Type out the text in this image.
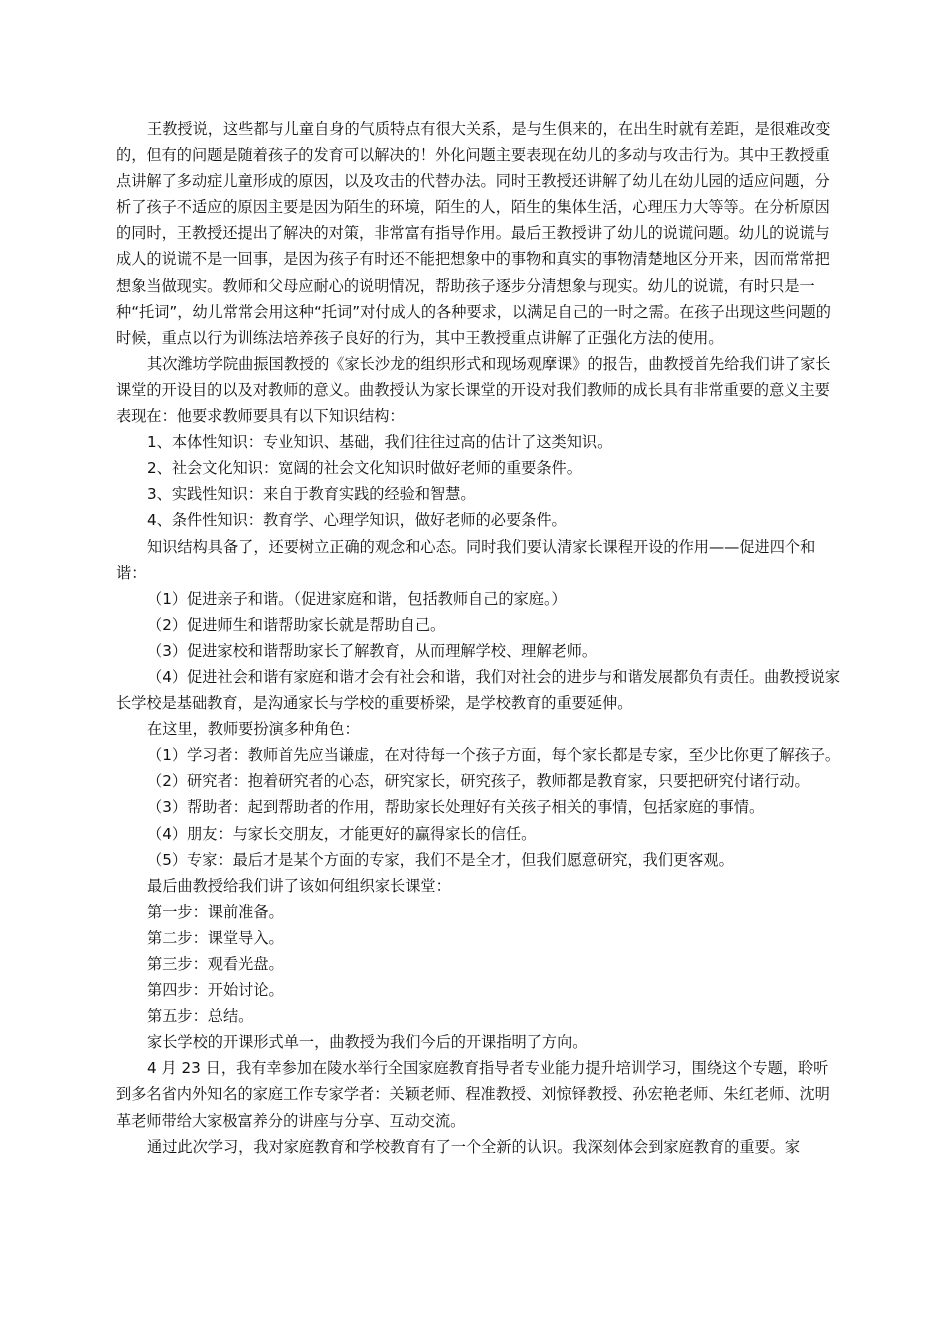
王教授说，这些都与儿童自身的气质特点有很大关系，是与生俱来的，在出生时就有差距，是很难改变的，但有的问题是随着孩子的发育可以解决的！外化问题主要表现在幼儿的多动与攻击行为。其中王教授重点讲解了多动症儿童形成的原因，以及攻击的代替办法。同时王教授还讲解了幼儿在幼儿园的适应问题，分析了孩子不适应的原因主要是因为陌生的环境，陌生的人，陌生的集体生活，心理压力大等等。在分析原因的同时，王教授还提出了解决的对策，非常富有指导作用。最后王教授讲了幼儿的说谎问题。幼儿的说谎与成人的说谎不是一回事，是因为孩子有时还不能把想象中的事物和真实的事物清楚地区分开来，因而常常把想象当做现实。教师和父母应耐心的说明情况，帮助孩子逐步分清想象与现实。幼儿的说谎，有时只是一种“托词”，幼儿常常会用这种“托词”对付成人的各种要求，以满足自己的一时之需。在孩子出现这些问题的时候，重点以行为训练法培养孩子良好的行为，其中王教授重点讲解了正强化方法的使用。

其次潍坊学院曲振国教授的《家长沙龙的组织形式和现场观摩课》的报告，曲教授首先给我们讲了家长课堂的开设目的以及对教师的意义。曲教授认为家长课堂的开设对我们教师的成长具有非常重要的意义主要表现在：他要求教师要具有以下知识结构：

1、本体性知识：专业知识、基础，我们往往过高的估计了这类知识。

2、社会文化知识：宽阔的社会文化知识时做好老师的重要条件。

3、实践性知识：来自于教育实践的经验和智慧。

4、条件性知识：教育学、心理学知识，做好老师的必要条件。

知识结构具备了，还要树立正确的观念和心态。同时我们要认清家长课程开设的作用——促进四个和谐：

（1）促进亲子和谐。（促进家庭和谐，包括教师自己的家庭。）

（2）促进师生和谐帮助家长就是帮助自己。

（3）促进家校和谐帮助家长了解教育，从而理解学校、理解老师。

（4）促进社会和谐有家庭和谐才会有社会和谐，我们对社会的进步与和谐发展都负有责任。曲教授说家长学校是基础教育，是沟通家长与学校的重要桥梁，是学校教育的重要延伸。

在这里，教师要扮演多种角色：

（1）学习者：教师首先应当谦虚，在对待每一个孩子方面，每个家长都是专家，至少比你更了解孩子。

（2）研究者：抱着研究者的心态，研究家长，研究孩子，教师都是教育家，只要把研究付诸行动。

（3）帮助者：起到帮助者的作用，帮助家长处理好有关孩子相关的事情，包括家庭的事情。

（4）朋友：与家长交朋友，才能更好的赢得家长的信任。

（5）专家：最后才是某个方面的专家，我们不是全才，但我们愿意研究，我们更客观。

最后曲教授给我们讲了该如何组织家长课堂：

第一步：课前准备。

第二步：课堂导入。

第三步：观看光盘。

第四步：开始讨论。

第五步：总结。

家长学校的开课形式单一，曲教授为我们今后的开课指明了方向。

4 月 23 日，我有幸参加在陵水举行全国家庭教育指导者专业能力提升培训学习，围绕这个专题，聆听到多名省内外知名的家庭工作专家学者：关颖老师、程准教授、刘惊铎教授、孙宏艳老师、朱红老师、沈明革老师带给大家极富养分的讲座与分享、互动交流。

通过此次学习，我对家庭教育和学校教育有了一个全新的认识。我深刻体会到家庭教育的重要。家
